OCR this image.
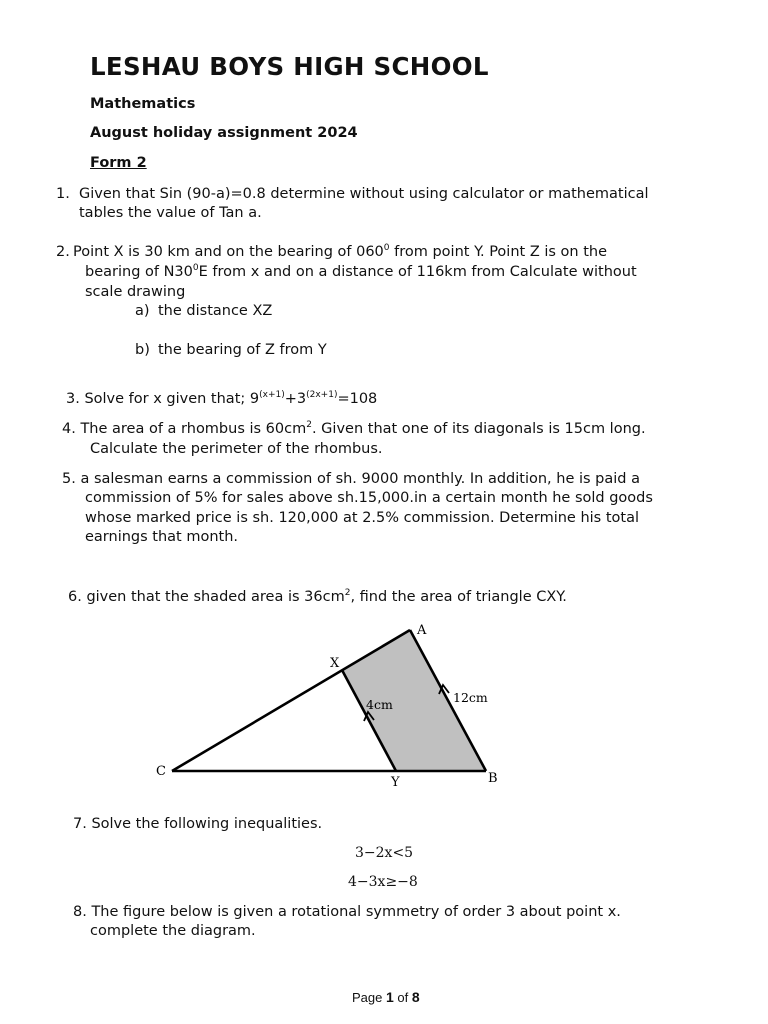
LESHAU BOYS HIGH SCHOOL
Mathematics
August holiday assignment 2024
Form 2
1. Given that Sin (90-a)=0.8 determine without using calculator or mathematical
tables the value of Tan a.
2. Point X is 30 km and on the bearing of $060^0$ from point Y. Point Z is on the
bearing of $N30^0E$ from x and on a distance of 116km from Calculate without
scale drawing
a) the distance XZ
b) the bearing of Z from Y
3. Solve for x given that; $9^{(x+1)}+3^{(2x+1)}=108$
4. The area of a rhombus is $60cm^2$. Given that one of its diagonals is 15cm long.
Calculate the perimeter of the rhombus.
5. a salesman earns a commission of sh. 9000 monthly. In addition, he is paid a
commission of 5% for sales above sh.15,000.in a certain month he sold goods
whose marked price is sh. 120,000 at 2.5% commission. Determine his total
earnings that month.
6. given that the shaded area is $36cm^2$, find the area of triangle CXY.
A
X
C
Y	B
4cm	12cm
7. Solve the following inequalities.
3−2x<5
4−3x≥−8
8. The figure below is given a rotational symmetry of order 3 about point x.
complete the diagram.
Page 1 of 8
